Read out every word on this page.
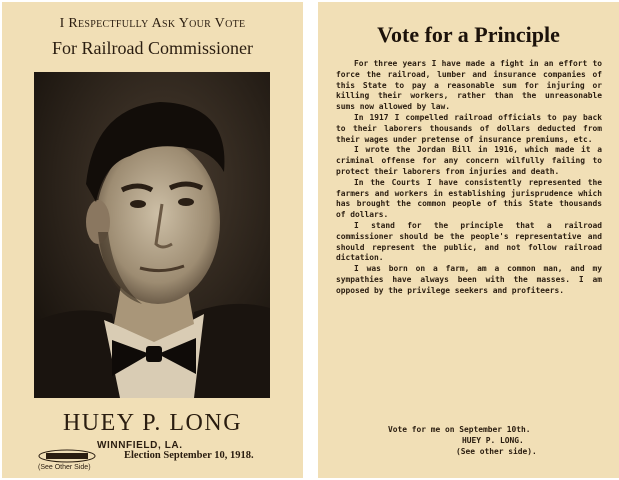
I Respectfully Ask Your Vote
For Railroad Commissioner
HUEY P. LONG
WINNFIELD, LA.
Election September 10, 1918.
(See Other Side)
Vote for a Principle

For three years I have made a fight in an effort to force the railroad, lumber and insurance companies of this State to pay a reasonable sum for injuring or killing their workers, rather than the unreasonable sums now allowed by law.

In 1917 I compelled railroad officials to pay back to their laborers thousands of dollars deducted from their wages under pretense of insurance premiums, etc.

I wrote the Jordan Bill in 1916, which made it a criminal offense for any concern wilfully failing to protect their laborers from injuries and death.

In the Courts I have consistently represented the farmers and workers in establishing jurisprudence which has brought the common people of this State thousands of dollars.

I stand for the principle that a railroad commissioner should be the people's representative and should represent the public, and not follow railroad dictation.

I was born on a farm, am a common man, and my sympathies have always been with the masses. I am opposed by the privilege seekers and profiteers.

Vote for me on September 10th.
HUEY P. LONG.
(See other side).
